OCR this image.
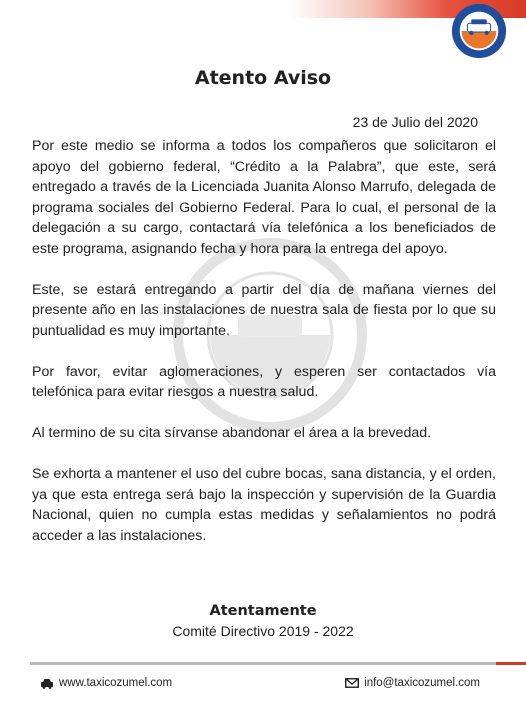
Atento Aviso
23 de Julio del 2020

Por este medio se informa a todos los compañeros que solicitaron el apoyo del gobierno federal, “Crédito a la Palabra”, que este, será entregado a través de la Licenciada Juanita Alonso Marrufo, delegada de programa sociales del Gobierno Federal. Para lo cual, el personal de la delegación a su cargo, contactará vía telefónica a los beneficiados de este programa, asignando fecha y hora para la entrega del apoyo.

Este, se estará entregando a partir del día de mañana viernes del presente año en las instalaciones de nuestra sala de fiesta por lo que su puntualidad es muy importante.

Por favor, evitar aglomeraciones, y esperen ser contactados vía telefónica para evitar riesgos a nuestra salud.

Al termino de su cita sírvanse abandonar el área a la brevedad.

Se exhorta a mantener el uso del cubre bocas, sana distancia, y el orden, ya que esta entrega será bajo la inspección y supervisión de la Guardia Nacional, quien no cumpla estas medidas y señalamientos no podrá acceder a las instalaciones.

Atentamente
Comité Directivo 2019 - 2022
www.taxicozumel.com	info@taxicozumel.com
